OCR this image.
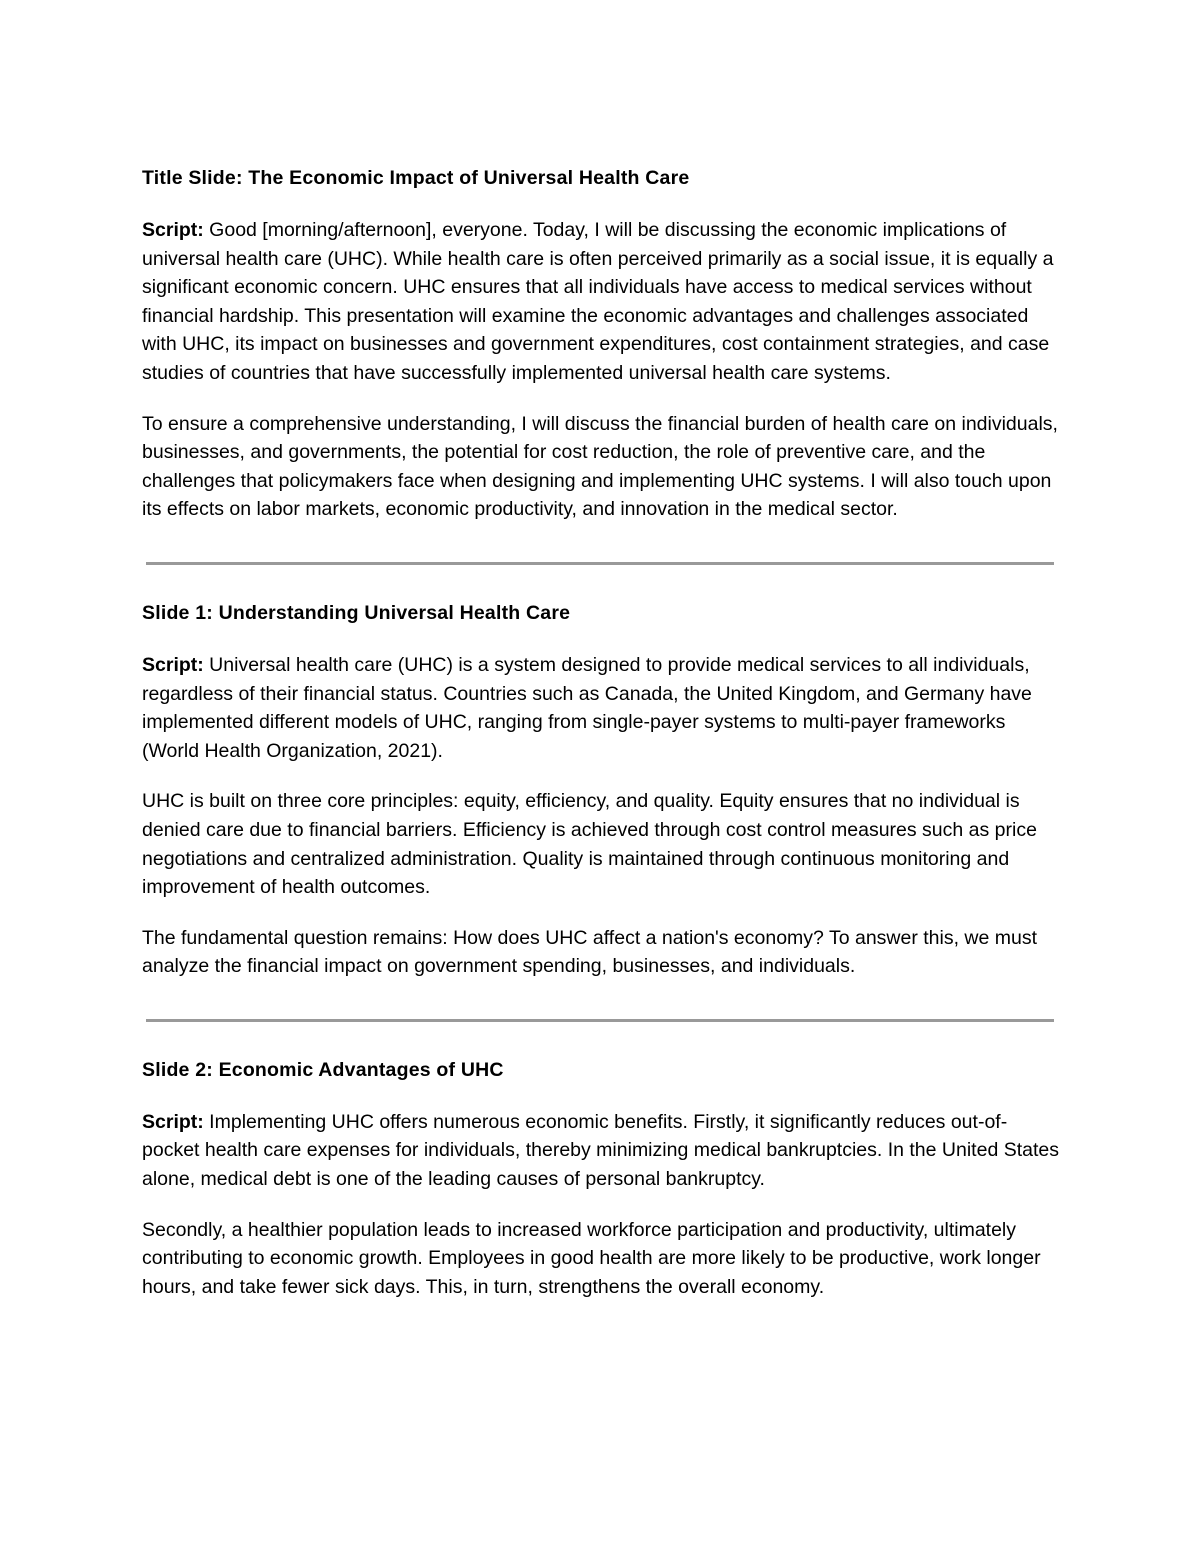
Title Slide: The Economic Impact of Universal Health Care

Script: Good [morning/afternoon], everyone. Today, I will be discussing the economic implications of universal health care (UHC). While health care is often perceived primarily as a social issue, it is equally a significant economic concern. UHC ensures that all individuals have access to medical services without financial hardship. This presentation will examine the economic advantages and challenges associated with UHC, its impact on businesses and government expenditures, cost containment strategies, and case studies of countries that have successfully implemented universal health care systems.

To ensure a comprehensive understanding, I will discuss the financial burden of health care on individuals, businesses, and governments, the potential for cost reduction, the role of preventive care, and the challenges that policymakers face when designing and implementing UHC systems. I will also touch upon its effects on labor markets, economic productivity, and innovation in the medical sector.

Slide 1: Understanding Universal Health Care

Script: Universal health care (UHC) is a system designed to provide medical services to all individuals, regardless of their financial status. Countries such as Canada, the United Kingdom, and Germany have implemented different models of UHC, ranging from single-payer systems to multi-payer frameworks (World Health Organization, 2021).

UHC is built on three core principles: equity, efficiency, and quality. Equity ensures that no individual is denied care due to financial barriers. Efficiency is achieved through cost control measures such as price negotiations and centralized administration. Quality is maintained through continuous monitoring and improvement of health outcomes.

The fundamental question remains: How does UHC affect a nation's economy? To answer this, we must analyze the financial impact on government spending, businesses, and individuals.

Slide 2: Economic Advantages of UHC

Script: Implementing UHC offers numerous economic benefits. Firstly, it significantly reduces out-of-pocket health care expenses for individuals, thereby minimizing medical bankruptcies. In the United States alone, medical debt is one of the leading causes of personal bankruptcy.

Secondly, a healthier population leads to increased workforce participation and productivity, ultimately contributing to economic growth. Employees in good health are more likely to be productive, work longer hours, and take fewer sick days. This, in turn, strengthens the overall economy.
